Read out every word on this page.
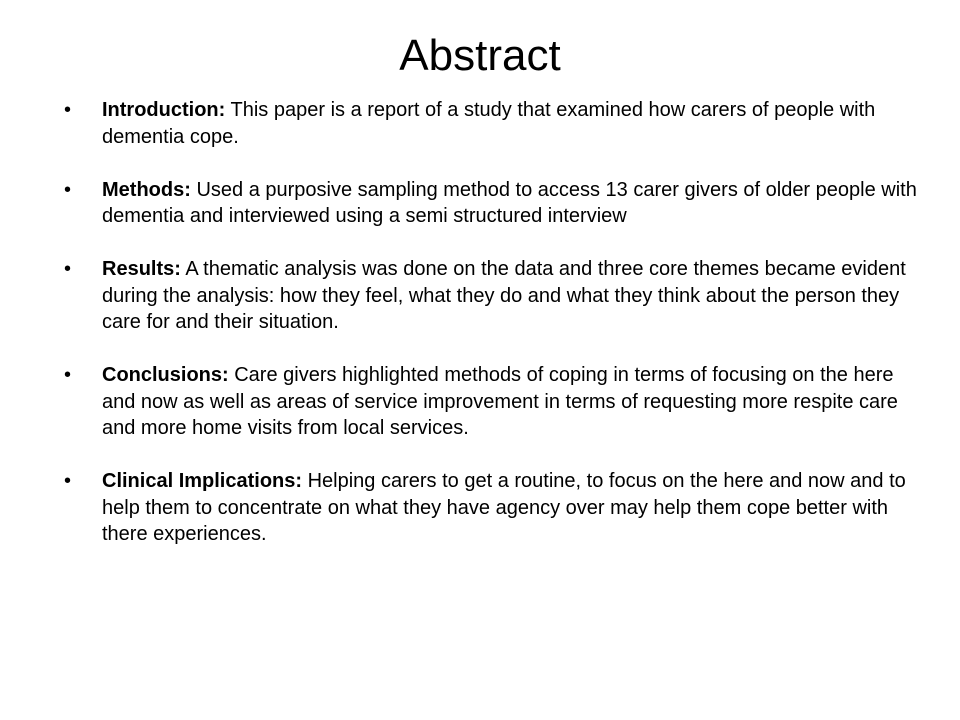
Abstract
• Introduction: This paper is a report of a study that examined how carers of people with dementia cope.
• Methods: Used a purposive sampling method to access 13 carer givers of older people with dementia and interviewed using a semi structured interview
• Results: A thematic analysis was done on the data and three core themes became evident during the analysis: how they feel, what they do and what they think about the person they care for and their situation.
• Conclusions: Care givers highlighted methods of coping in terms of focusing on the here and now as well as areas of service improvement in terms of requesting more respite care and more home visits from local services.
• Clinical Implications: Helping carers to get a routine, to focus on the here and now and to help them to concentrate on what they have agency over may help them cope better with there experiences.
